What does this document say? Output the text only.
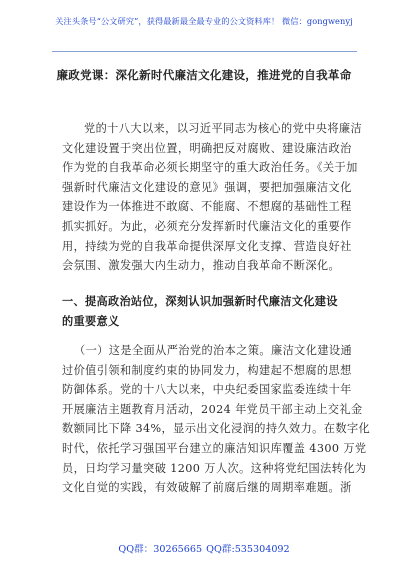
关注头条号“公文研究”，获得最新最全最专业的公文资料库！ 微信：gongwenyj
廉政党课：深化新时代廉洁文化建设，推进党的自我革命
党的十八大以来，以习近平同志为核心的党中央将廉洁
文化建设置于突出位置，明确把反对腐败、建设廉洁政治
作为党的自我革命必须长期坚守的重大政治任务。《关于加
强新时代廉洁文化建设的意见》强调，要把加强廉洁文化
建设作为一体推进不敢腐、不能腐、不想腐的基础性工程
抓实抓好。为此，必须充分发挥新时代廉洁文化的重要作
用，持续为党的自我革命提供深厚文化支撑、营造良好社
会氛围、激发强大内生动力，推动自我革命不断深化。
一、提高政治站位，深刻认识加强新时代廉洁文化建设
的重要意义
（一）这是全面从严治党的治本之策。廉洁文化建设通
过价值引领和制度约束的协同发力，构建起不想腐的思想
防御体系。党的十八大以来，中央纪委国家监委连续十年
开展廉洁主题教育月活动，2024 年党员干部主动上交礼金
数额同比下降 34%，显示出文化浸润的持久效力。在数字化
时代，依托学习强国平台建立的廉洁知识库覆盖 4300 万党
员，日均学习量突破 1200 万人次。这种将党纪国法转化为
文化自觉的实践，有效破解了前腐后继的周期率难题。浙
QQ群：30265665 QQ群:535304092
